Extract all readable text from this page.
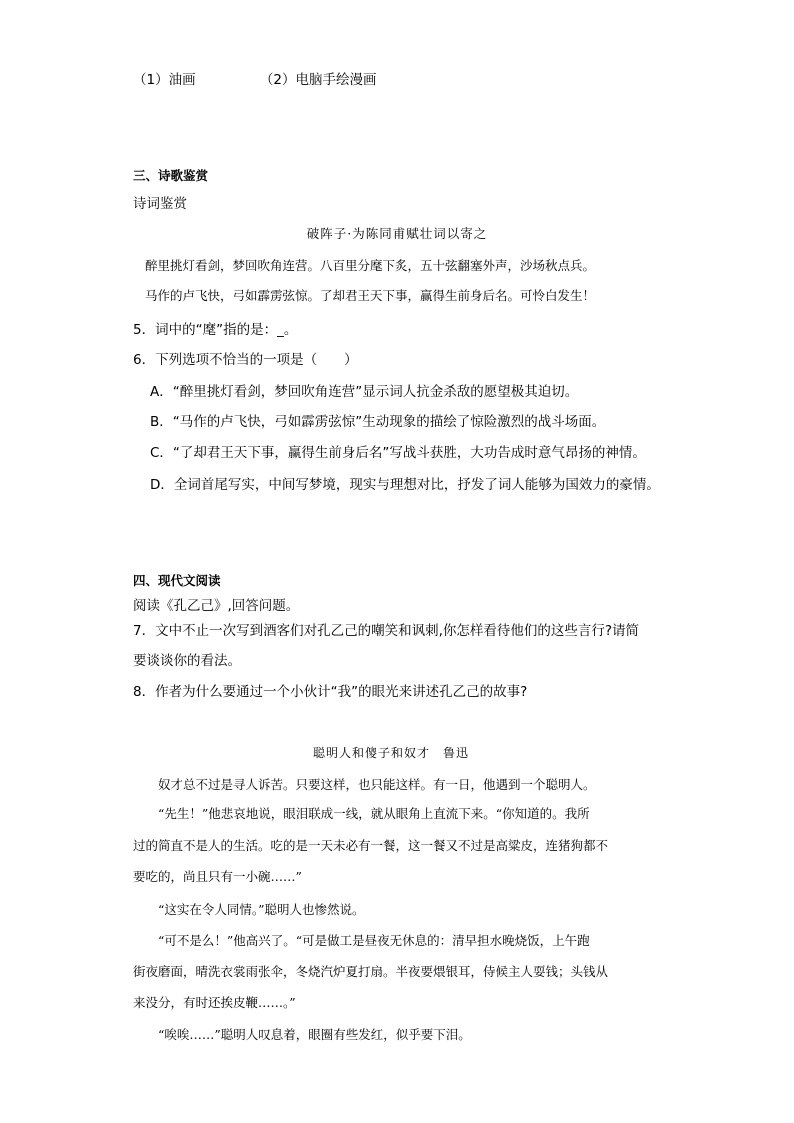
（1）油画	（2）电脑手绘漫画
三、诗歌鉴赏
诗词鉴赏
破阵子·为陈同甫赋壮词以寄之
醉里挑灯看剑，梦回吹角连营。八百里分麾下炙，五十弦翻塞外声，沙场秋点兵。
马作的卢飞快，弓如霹雳弦惊。了却君王天下事，赢得生前身后名。可怜白发生！
5．词中的“麾”指的是：_。
6．下列选项不恰当的一项是（　　）
A．“醉里挑灯看剑，梦回吹角连营”显示词人抗金杀敌的愿望极其迫切。
B．“马作的卢飞快，弓如霹雳弦惊”生动现象的描绘了惊险激烈的战斗场面。
C．“了却君王天下事，赢得生前身后名”写战斗获胜，大功告成时意气昂扬的神情。
D．全词首尾写实，中间写梦境，现实与理想对比，抒发了词人能够为国效力的豪情。
四、现代文阅读
阅读《孔乙己》,回答问题。
7．文中不止一次写到酒客们对孔乙己的嘲笑和讽刺,你怎样看待他们的这些言行?请简
要谈谈你的看法。
8．作者为什么要通过一个小伙计“我”的眼光来讲述孔乙己的故事?
聪明人和傻子和奴才　鲁迅
奴才总不过是寻人诉苦。只要这样，也只能这样。有一日，他遇到一个聪明人。
“先生！”他悲哀地说，眼泪联成一线，就从眼角上直流下来。“你知道的。我所
过的简直不是人的生活。吃的是一天未必有一餐，这一餐又不过是高粱皮，连猪狗都不
要吃的，尚且只有一小碗……”
“这实在令人同情。”聪明人也惨然说。
“可不是么！”他高兴了。“可是做工是昼夜无休息的：清早担水晚烧饭，上午跑
街夜磨面，晴洗衣裳雨张伞，冬烧汽炉夏打扇。半夜要煨银耳，侍候主人耍钱；头钱从
来没分，有时还挨皮鞭……。”
“唉唉……”聪明人叹息着，眼圈有些发红，似乎要下泪。
